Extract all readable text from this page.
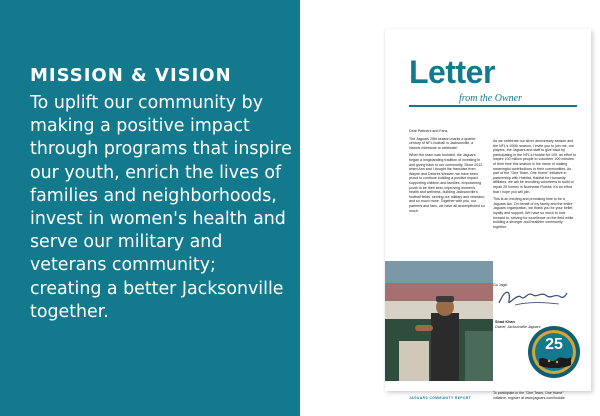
MISSION & VISION
To uplift our community by making a positive impact through programs that inspire our youth, enrich the lives of families and neighborhoods, invest in women's health and serve our military and veterans community; creating a better Jacksonville together.
Letter
from the Owner

Dear Partners and Fans,

The Jaguars 25th season marks a quarter century of NFL football in Jacksonville, a historic milestone to celebrate!

When the team was founded, the Jaguars began a longstanding tradition of investing in and giving back to our community. Since 2012, when Ann and I bought the franchise from Wayne and Delores Weaver, we have been proud to continue building a positive impact supporting children and families, empowering youth to be their best, improving women's health and wellness, building Jacksonville's football fields, serving our military and veterans, and so much more. Together with you, our partners and fans, we have all accomplished so much.

As we celebrate our silver anniversary season and the NFL's 100th season, I invite you to join me, our players, the Jaguars and staff to give back by participating in the NFL's Huddle for 100, an effort to inspire 100 million people to volunteer 100 minutes of their time this season in the name of making meaningful contributions to their communities. As part of the "One Team, One Home" initiative in partnership with Habitat, Habitat for Humanity affiliates, we will be recruiting volunteers to build or repair 25 homes in Northeast Florida. It's an effort that I hope you will join.

This is an exciting and promising time to be a Jaguars fan. On behalf of my family and the entire Jaguars organization, we thank you for your belief, loyalty and support. We have so much to look forward to, striving for excellence on the field while building a stronger and healthier community together.

Go Jags!
Shad Khan
Owner, Jacksonville Jaguars
25
To participate in the "One Team, One Home" initiative, register at www.jaguars.com/huddle
JAGUARS COMMUNITY REPORT
